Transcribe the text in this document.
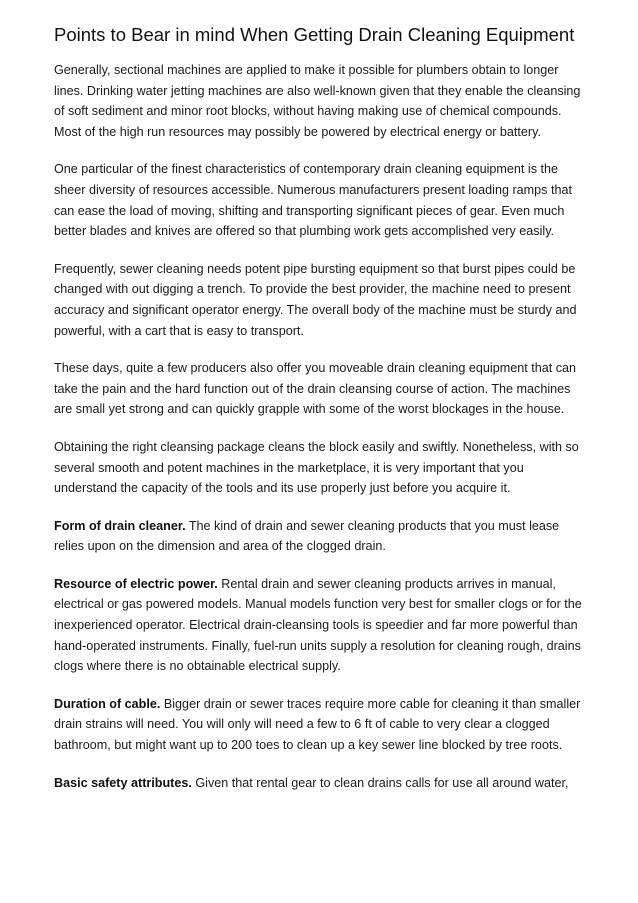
Points to Bear in mind When Getting Drain Cleaning Equipment

Generally, sectional machines are applied to make it possible for plumbers obtain to longer lines. Drinking water jetting machines are also well-known given that they enable the cleansing of soft sediment and minor root blocks, without having making use of chemical compounds. Most of the high run resources may possibly be powered by electrical energy or battery.

One particular of the finest characteristics of contemporary drain cleaning equipment is the sheer diversity of resources accessible. Numerous manufacturers present loading ramps that can ease the load of moving, shifting and transporting significant pieces of gear. Even much better blades and knives are offered so that plumbing work gets accomplished very easily.

Frequently, sewer cleaning needs potent pipe bursting equipment so that burst pipes could be changed with out digging a trench. To provide the best provider, the machine need to present accuracy and significant operator energy. The overall body of the machine must be sturdy and powerful, with a cart that is easy to transport.

These days, quite a few producers also offer you moveable drain cleaning equipment that can take the pain and the hard function out of the drain cleansing course of action. The machines are small yet strong and can quickly grapple with some of the worst blockages in the house.

Obtaining the right cleansing package cleans the block easily and swiftly. Nonetheless, with so several smooth and potent machines in the marketplace, it is very important that you understand the capacity of the tools and its use properly just before you acquire it.

Form of drain cleaner. The kind of drain and sewer cleaning products that you must lease relies upon on the dimension and area of the clogged drain.

Resource of electric power. Rental drain and sewer cleaning products arrives in manual, electrical or gas powered models. Manual models function very best for smaller clogs or for the inexperienced operator. Electrical drain-cleansing tools is speedier and far more powerful than hand-operated instruments. Finally, fuel-run units supply a resolution for cleaning rough, drains clogs where there is no obtainable electrical supply.

Duration of cable. Bigger drain or sewer traces require more cable for cleaning it than smaller drain strains will need. You will only will need a few to 6 ft of cable to very clear a clogged bathroom, but might want up to 200 toes to clean up a key sewer line blocked by tree roots.

Basic safety attributes. Given that rental gear to clean drains calls for use all around water,
